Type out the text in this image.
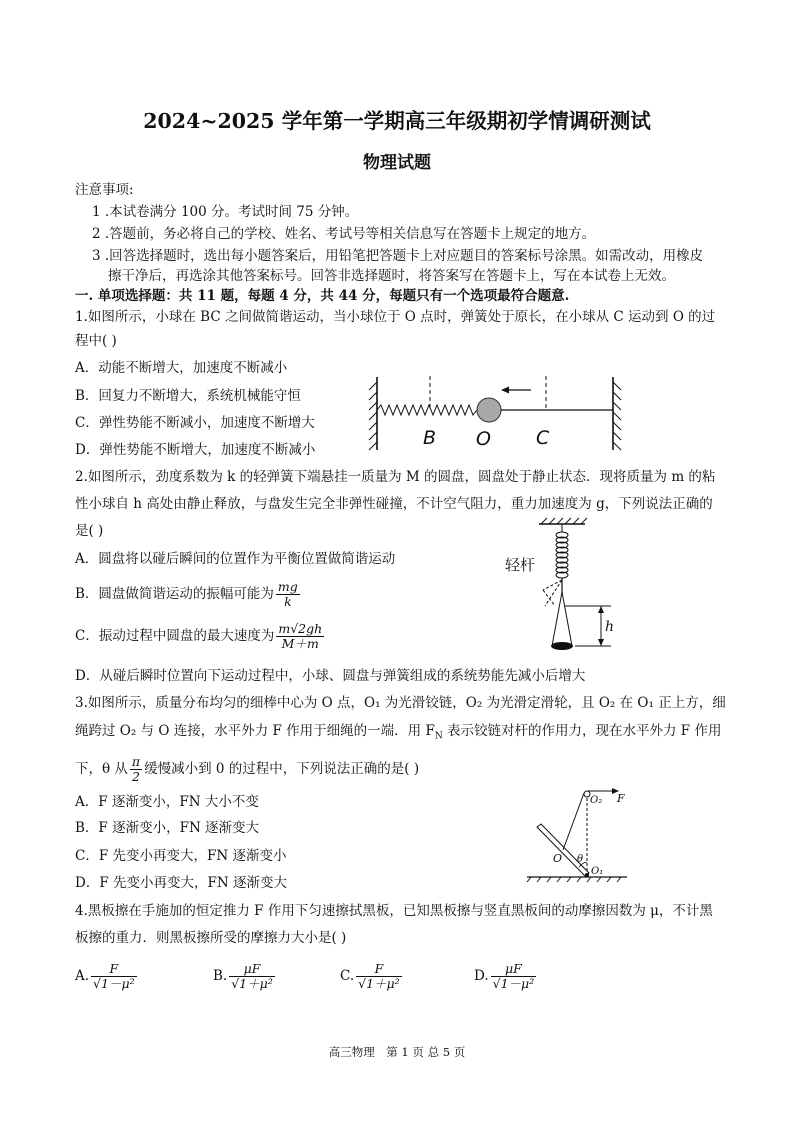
2024~2025 学年第一学期高三年级期初学情调研测试
物理试题
注意事项:
1 .本试卷满分 100 分。考试时间 75 分钟。
2 .答题前，务必将自己的学校、姓名、考试号等相关信息写在答题卡上规定的地方。
3 .回答选择题时，选出每小题答案后，用铅笔把答题卡上对应题目的答案标号涂黑。如需改动，用橡皮
擦干净后，再选涂其他答案标号。回答非选择题时，将答案写在答题卡上，写在本试卷上无效。
一. 单项选择题：共 11 题，每题 4 分，共 44 分，每题只有一个选项最符合题意.
1.如图所示，小球在 BC 之间做简谐运动，当小球位于 O 点时，弹簧处于原长，在小球从 C 运动到 O 的过
程中( )
A．动能不断增大，加速度不断减小
B．回复力不断增大，系统机械能守恒
C．弹性势能不断减小，加速度不断增大
D．弹性势能不断增大，加速度不断减小
B O C
2.如图所示，劲度系数为 k 的轻弹簧下端悬挂一质量为 M 的圆盘，圆盘处于静止状态．现将质量为 m 的粘
性小球自 h 高处由静止释放，与盘发生完全非弹性碰撞，不计空气阻力，重力加速度为 g，下列说法正确的
是( )
A．圆盘将以碰后瞬间的位置作为平衡位置做简谐运动
B．圆盘做简谐运动的振幅可能为 $\frac{mg}{k}$
C．振动过程中圆盘的最大速度为 $\frac{m√2gh}{M+m}$
D．从碰后瞬时位置向下运动过程中，小球、圆盘与弹簧组成的系统势能先减小后增大
轻杆
h
3.如图所示，质量分布均匀的细棒中心为 O 点，O₁ 为光滑铰链，O₂ 为光滑定滑轮，且 O₂ 在 O₁ 正上方，细
绳跨过 O₂ 与 O 连接，水平外力 F 作用于细绳的一端．用 $F_N$ 表示铰链对杆的作用力，现在水平外力 F 作用
下，θ 从 $\frac{\pi}{2}$ 缓慢减小到 0 的过程中，下列说法正确的是( )
A．F 逐渐变小，FN 大小不变
B．F 逐渐变小，FN 逐渐变大
C．F 先变小再变大，FN 逐渐变小
D．F 先变小再变大，FN 逐渐变大
O₂ F
O θ
O₁
4.黑板擦在手施加的恒定推力 F 作用下匀速擦拭黑板，已知黑板擦与竖直黑板间的动摩擦因数为 μ，不计黑
板擦的重力．则黑板擦所受的摩擦力大小是( )
A. $\frac{F}{\text{√1－μ²}}$	B. $\frac{\mu F}{\text{√1＋μ²}}$	C. $\frac{F}{\text{√1＋μ²}}$	D. $\frac{\mu F}{\text{√1－μ²}}$
高三物理　第 1 页 总 5 页
